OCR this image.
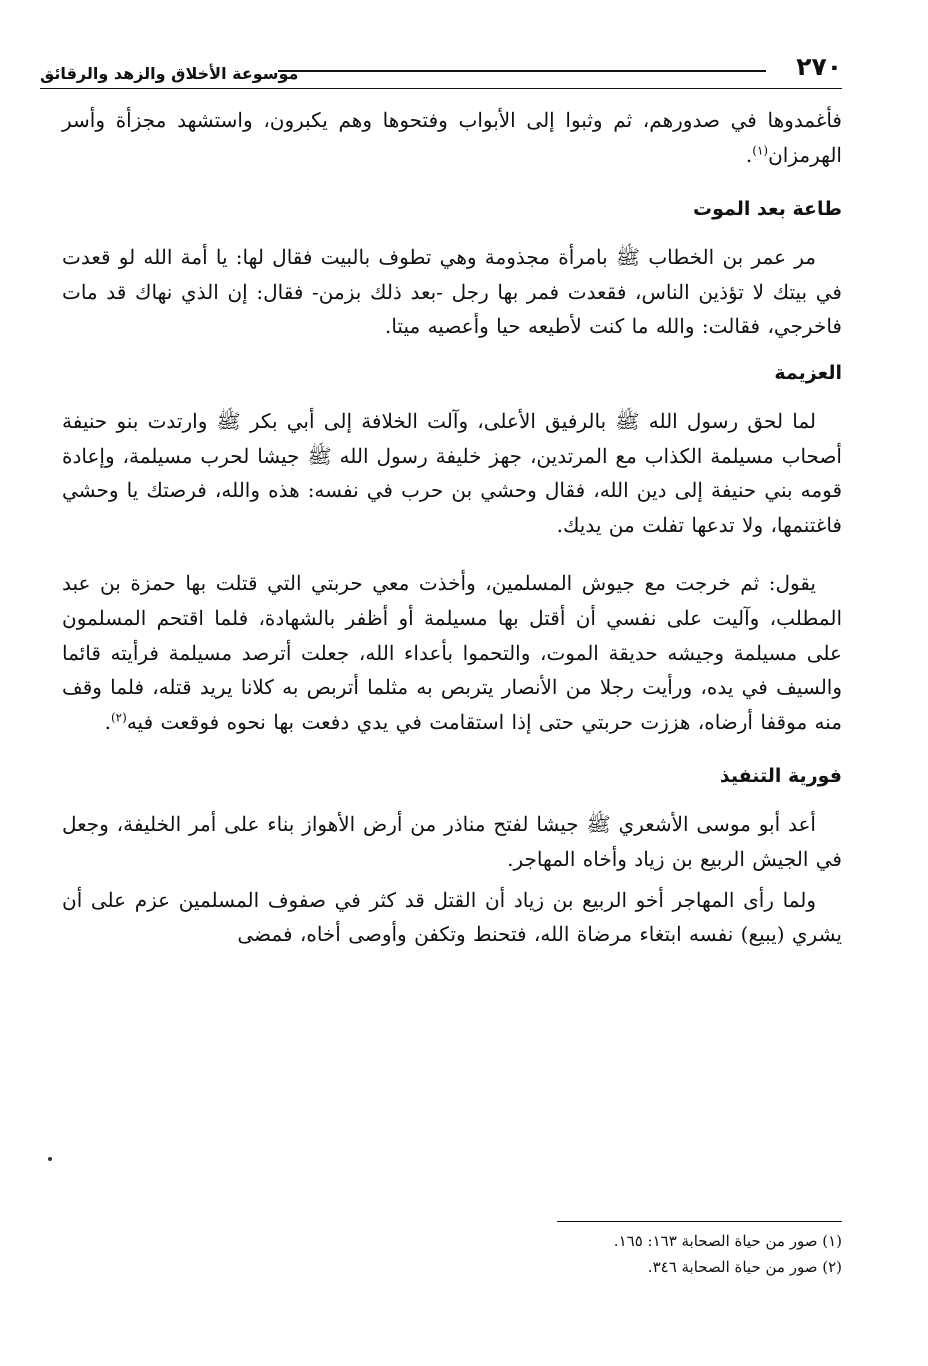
٢٧٠
موسوعة الأخلاق والزهد والرقائق

فأغمدوها في صدورهم، ثم وثبوا إلى الأبواب وفتحوها وهم يكبرون، واستشهد مجزأة وأسر الهرمزان$^{(١)}$.

طاعة بعد الموت

مر عمر بن الخطاب ﷺ بامرأة مجذومة وهي تطوف بالبيت فقال لها: يا أمة الله لو قعدت في بيتك لا تؤذين الناس، فقعدت فمر بها رجل -بعد ذلك بزمن- فقال: إن الذي نهاك قد مات فاخرجي، فقالت: والله ما كنت لأطيعه حيا وأعصيه ميتا.

العزيمة

لما لحق رسول الله ﷺ بالرفيق الأعلى، وآلت الخلافة إلى أبي بكر ﷺ وارتدت بنو حنيفة أصحاب مسيلمة الكذاب مع المرتدين، جهز خليفة رسول الله ﷺ جيشا لحرب مسيلمة، وإعادة قومه بني حنيفة إلى دين الله، فقال وحشي بن حرب في نفسه: هذه والله، فرصتك يا وحشي فاغتنمها، ولا تدعها تفلت من يديك.

يقول: ثم خرجت مع جيوش المسلمين، وأخذت معي حربتي التي قتلت بها حمزة بن عبد المطلب، وآليت على نفسي أن أقتل بها مسيلمة أو أظفر بالشهادة، فلما اقتحم المسلمون على مسيلمة وجيشه حديقة الموت، والتحموا بأعداء الله، جعلت أترصد مسيلمة فرأيته قائما والسيف في يده، ورأيت رجلا من الأنصار يتربص به مثلما أتربص به كلانا يريد قتله، فلما وقف منه موقفا أرضاه، هززت حربتي حتى إذا استقامت في يدي دفعت بها نحوه فوقعت فيه$^{(٢)}$.

فورية التنفيذ

أعد أبو موسى الأشعري ﷺ جيشا لفتح مناذر من أرض الأهواز بناء على أمر الخليفة، وجعل في الجيش الربيع بن زياد وأخاه المهاجر.

ولما رأى المهاجر أخو الربيع بن زياد أن القتل قد كثر في صفوف المسلمين عزم على أن يشري (يبيع) نفسه ابتغاء مرضاة الله، فتحنط وتكفن وأوصى أخاه، فمضى

(١) صور من حياة الصحابة ١٦٣: ١٦٥.

(٢) صور من حياة الصحابة ٣٤٦.
